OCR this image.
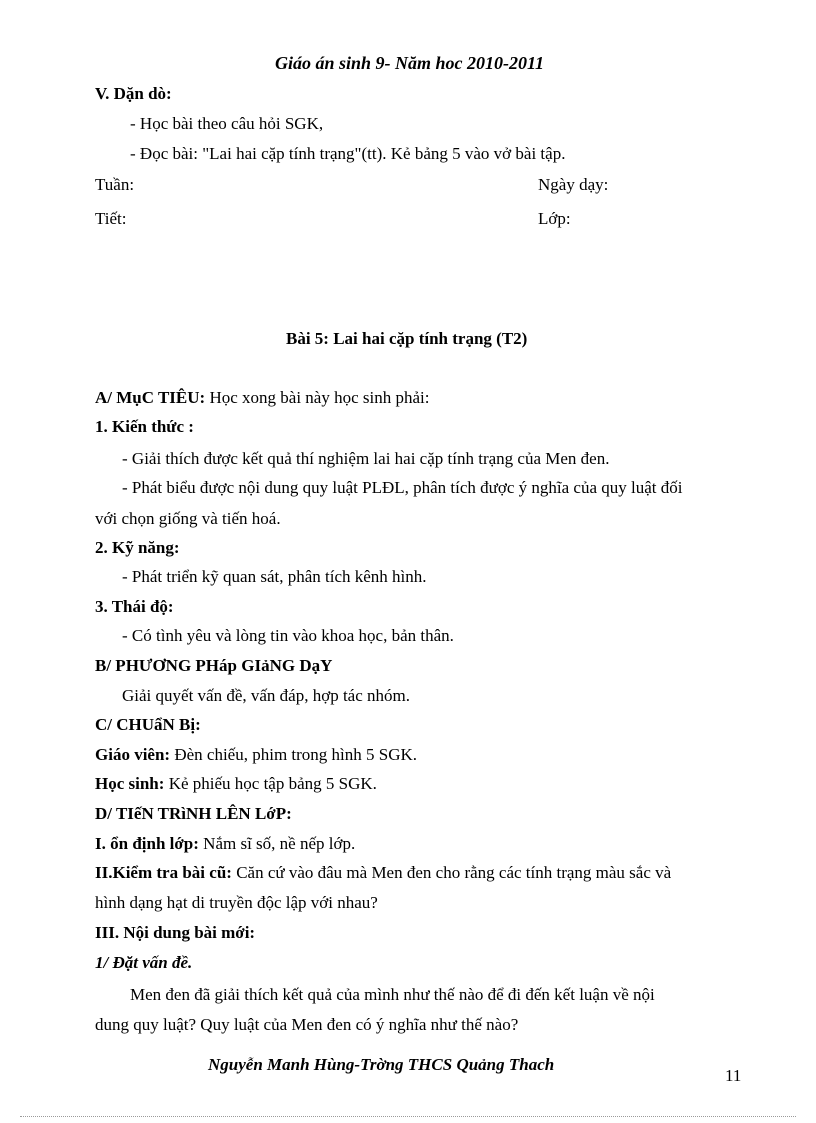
Giáo án sinh 9- Năm hoc 2010-2011
V. Dặn dò:
- Học bài theo câu hỏi SGK,
- Đọc bài: "Lai hai cặp tính trạng"(tt). Kẻ bảng 5 vào vở bài tập.
Tuần:	Ngày dạy:
Tiết:	Lớp:
Bài 5: Lai hai cặp tính trạng (T2)
A/ MụC TIÊU: Học xong bài này học sinh phải:
1. Kiến thức :
- Giải thích được kết quả thí nghiệm lai hai cặp tính trạng của Men đen.
- Phát biểu được nội dung quy luật PLĐL, phân tích được ý nghĩa của quy luật đối
với chọn giống và tiến hoá.
2. Kỹ năng:
- Phát triển kỹ quan sát, phân tích kênh hình.
3. Thái độ:
- Có tình yêu và lòng tin vào khoa học, bản thân.
B/ PHƯƠNG PHáp GIảNG DạY
Giải quyết vấn đề, vấn đáp, hợp tác nhóm.
C/ CHUẩN Bị:
Giáo viên: Đèn chiếu, phim trong hình 5 SGK.
Học sinh: Kẻ phiếu học tập bảng 5 SGK.
D/ TIếN TRìNH LÊN LớP:
I. ổn định lớp: Nắm sĩ số, nề nếp lớp.
II.Kiểm tra bài cũ: Căn cứ vào đâu mà Men đen cho rằng các tính trạng màu sắc và
hình dạng hạt di truyền độc lập với nhau?
III. Nội dung bài mới:
1/ Đặt vấn đề.
Men đen đã giải thích kết quả của mình như thế nào để đi đến kết luận về nội
dung quy luật? Quy luật của Men đen có ý nghĩa như thế nào?
Nguyễn Manh Hùng-Trờng THCS Quảng Thach
11
